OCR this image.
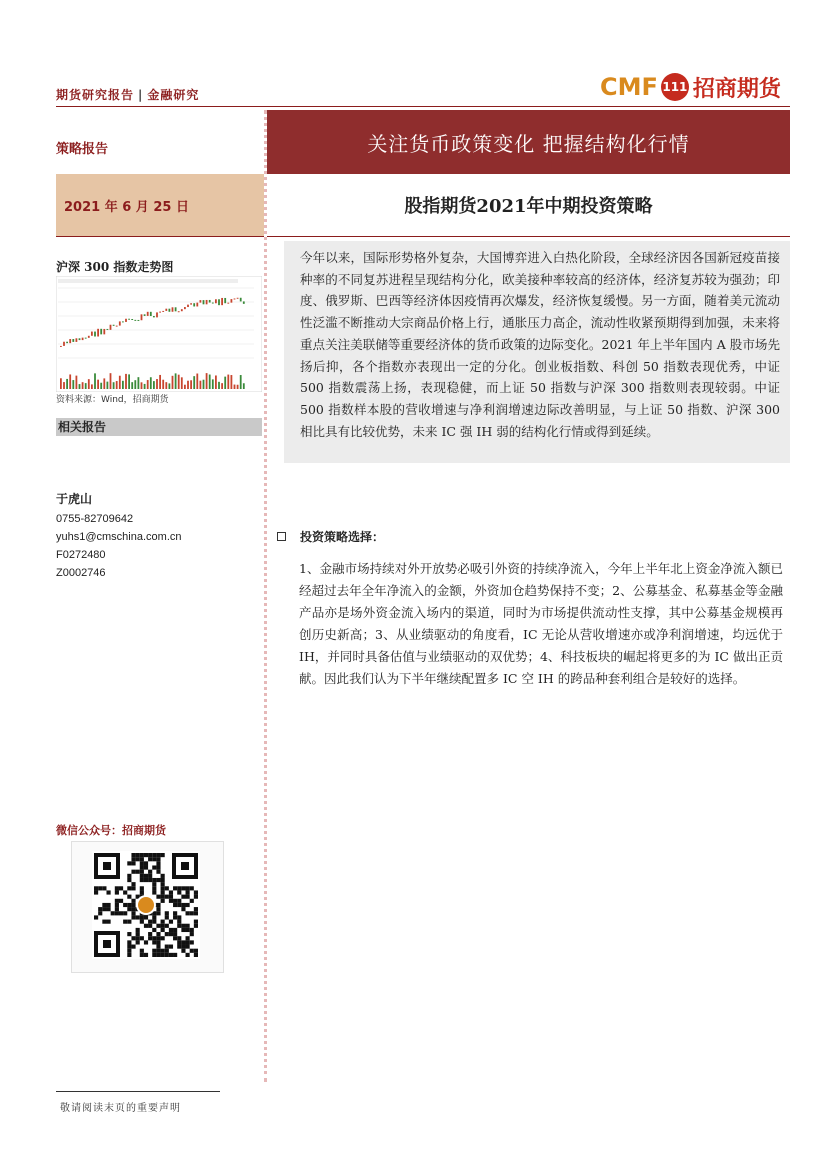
期货研究报告 | 金融研究	CMF 111 招商期货
策略报告	关注货币政策变化 把握结构化行情
2021 年 6 月 25 日	股指期货2021年中期投资策略
沪深 300 指数走势图
资料来源：Wind，招商期货
相关报告
于虎山
0755-82709642
yuhs1@cmschina.com.cn
F0272480
Z0002746
今年以来，国际形势格外复杂，大国博弈进入白热化阶段，全球经济因各国新冠疫苗接种率的不同复苏进程呈现结构分化，欧美接种率较高的经济体，经济复苏较为强劲；印度、俄罗斯、巴西等经济体因疫情再次爆发，经济恢复缓慢。另一方面，随着美元流动性泛滥不断推动大宗商品价格上行，通胀压力高企，流动性收紧预期得到加强，未来将重点关注美联储等重要经济体的货币政策的边际变化。2021 年上半年国内 A 股市场先扬后抑，各个指数亦表现出一定的分化。创业板指数、科创 50 指数表现优秀，中证 500 指数震荡上扬，表现稳健，而上证 50 指数与沪深 300 指数则表现较弱。中证 500 指数样本股的营收增速与净利润增速边际改善明显，与上证 50 指数、沪深 300 相比具有比较优势，未来 IC 强 IH 弱的结构化行情或得到延续。
投资策略选择：
1、金融市场持续对外开放势必吸引外资的持续净流入，今年上半年北上资金净流入额已经超过去年全年净流入的金额，外资加仓趋势保持不变；2、公募基金、私募基金等金融产品亦是场外资金流入场内的渠道，同时为市场提供流动性支撑，其中公募基金规模再创历史新高；3、从业绩驱动的角度看，IC 无论从营收增速亦或净利润增速，均远优于 IH，并同时具备估值与业绩驱动的双优势；4、科技板块的崛起将更多的为 IC 做出正贡献。因此我们认为下半年继续配置多 IC 空 IH 的跨品种套利组合是较好的选择。
微信公众号：招商期货
敬请阅读末页的重要声明
